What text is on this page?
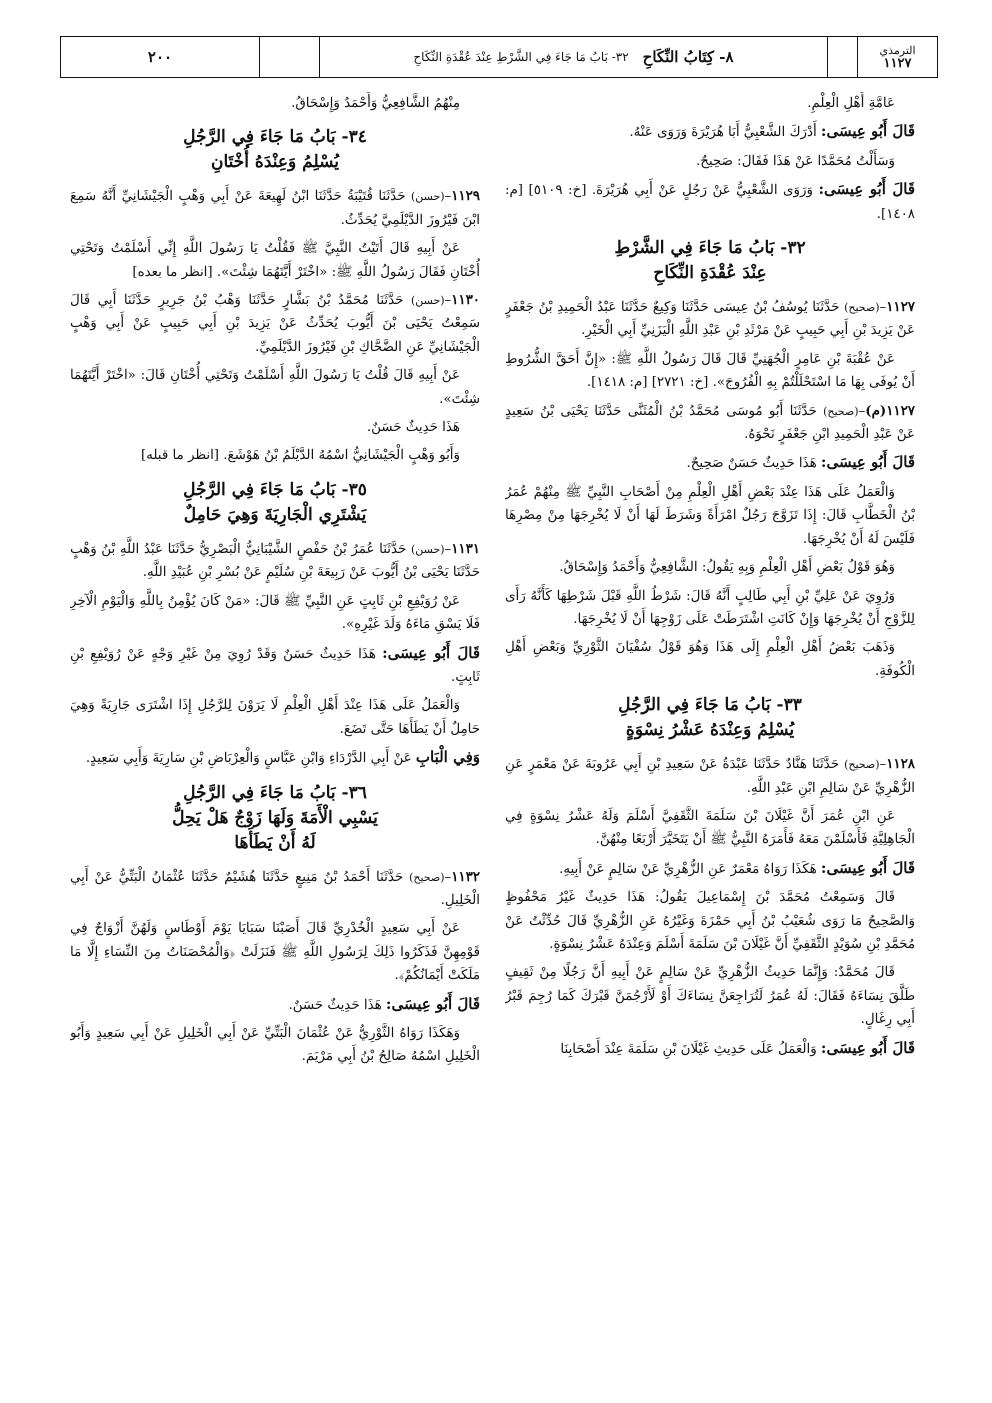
الترمذي
١١٢٧
٨- كِتَابُ النِّكَاحِ
٣٢- بَابُ مَا جَاءَ فِي الشَّرْطِ عِنْدَ عُقْدَةِ النِّكَاحِ
٢٠٠

عَامَّةِ أَهْلِ الْعِلْمِ.

قَالَ أَبُو عِيسَى: أَدْرَكَ الشَّعْبِيُّ أَبَا هُرَيْرَةَ وَرَوَى عَنْهُ.

وَسَأَلْتُ مُحَمَّدًا عَنْ هَذَا فَقَالَ: صَحِيحٌ.

قَالَ أَبُو عِيسَى: وَرَوَى الشَّعْبِيُّ عَنْ رَجُلٍ عَنْ أَبِي هُرَيْرَةَ. [خ: ٥١٠٩] [م: ١٤٠٨].

٣٢- بَابُ مَا جَاءَ فِي الشَّرْطِ
عِنْدَ عُقْدَةِ النِّكَاحِ

١١٢٧–(صحيح) حَدَّثَنَا يُوسُفُ بْنُ عِيسَى حَدَّثَنَا وَكِيعٌ حَدَّثَنَا عَبْدُ الْحَمِيدِ بْنُ جَعْفَرٍ عَنْ يَزِيدَ بْنِ أَبِي حَبِيبٍ عَنْ مَرْثَدِ بْنِ عَبْدِ اللَّهِ الْيَزَنِيِّ أَبِي الْخَيْرِ.

عَنْ عُقْبَةَ بْنِ عَامِرٍ الْجُهَنِيِّ قَالَ قَالَ رَسُولُ اللَّهِ ﷺ: «إِنَّ أَحَقَّ الشُّرُوطِ أَنْ يُوفَى بِهَا مَا اسْتَحْلَلْتُمْ بِهِ الْفُرُوجَ». [خ: ٢٧٢١] [م: ١٤١٨].

١١٢٧(م)–(صحيح) حَدَّثَنَا أَبُو مُوسَى مُحَمَّدُ بْنُ الْمُثَنَّى حَدَّثَنَا يَحْيَى بْنُ سَعِيدٍ عَنْ عَبْدِ الْحَمِيدِ ابْنِ جَعْفَرٍ نَحْوَهُ.

قَالَ أَبُو عِيسَى: هَذَا حَدِيثٌ حَسَنٌ صَحِيحٌ.

وَالْعَمَلُ عَلَى هَذَا عِنْدَ بَعْضِ أَهْلِ الْعِلْمِ مِنْ أَصْحَابِ النَّبِيِّ ﷺ مِنْهُمْ عُمَرُ بْنُ الْخَطَّابِ قَالَ: إِذَا تَزَوَّجَ رَجُلٌ امْرَأَةً وَشَرَطَ لَهَا أَنْ لَا يُخْرِجَهَا مِنْ مِصْرِهَا فَلَيْسَ لَهُ أَنْ يُخْرِجَهَا.

وَهُوَ قَوْلُ بَعْضِ أَهْلِ الْعِلْمِ وَبِهِ يَقُولُ: الشَّافِعِيُّ وَأَحْمَدُ وَإِسْحَاقُ.

وَرُوِيَ عَنْ عَلِيِّ بْنِ أَبِي طَالِبٍ أَنَّهُ قَالَ: شَرْطُ اللَّهِ قَبْلَ شَرْطِهَا كَأَنَّهُ رَأَى لِلزَّوْجِ أَنْ يُخْرِجَهَا وَإِنْ كَانَتِ اشْتَرَطَتْ عَلَى زَوْجِهَا أَنْ لَا يُخْرِجَهَا.

وَذَهَبَ بَعْضُ أَهْلِ الْعِلْمِ إِلَى هَذَا وَهُوَ قَوْلُ سُفْيَانَ الثَّوْرِيِّ وَبَعْضِ أَهْلِ الْكُوفَةِ.

٣٣- بَابُ مَا جَاءَ فِي الرَّجُلِ
يُسْلِمُ وَعِنْدَهُ عَشْرُ نِسْوَةٍ

١١٢٨–(صحيح) حَدَّثَنَا هَنَّادٌ حَدَّثَنَا عَبْدَةُ عَنْ سَعِيدِ بْنِ أَبِي عَرُوبَةَ عَنْ مَعْمَرٍ عَنِ الزُّهْرِيِّ عَنْ سَالِمِ ابْنِ عَبْدِ اللَّهِ.

عَنِ ابْنِ عُمَرَ أَنَّ غَيْلَانَ بْنَ سَلَمَةَ الثَّقَفِيَّ أَسْلَمَ وَلَهُ عَشْرُ نِسْوَةٍ فِي الْجَاهِلِيَّةِ فَأَسْلَمْنَ مَعَهُ فَأَمَرَهُ النَّبِيُّ ﷺ أَنْ يَتَخَيَّرَ أَرْبَعًا مِنْهُنَّ.

قَالَ أَبُو عِيسَى: هَكَذَا رَوَاهُ مَعْمَرٌ عَنِ الزُّهْرِيِّ عَنْ سَالِمٍ عَنْ أَبِيهِ.

قَالَ وَسَمِعْتُ مُحَمَّدَ بْنَ إِسْمَاعِيلَ يَقُولُ: هَذَا حَدِيثٌ غَيْرُ مَحْفُوظٍ وَالصَّحِيحُ مَا رَوَى شُعَيْبُ بْنُ أَبِي حَمْزَةَ وَغَيْرُهُ عَنِ الزُّهْرِيِّ قَالَ حُدِّثْتُ عَنْ مُحَمَّدِ بْنِ سُوَيْدٍ الثَّقَفِيِّ أَنَّ غَيْلَانَ بْنَ سَلَمَةَ أَسْلَمَ وَعِنْدَهُ عَشْرُ نِسْوَةٍ.

قَالَ مُحَمَّدٌ: وَإِنَّمَا حَدِيثُ الزُّهْرِيِّ عَنْ سَالِمٍ عَنْ أَبِيهِ أَنَّ رَجُلًا مِنْ ثَقِيفٍ طَلَّقَ نِسَاءَهُ فَقَالَ: لَهُ عُمَرُ لَتُرَاجِعَنَّ نِسَاءَكَ أَوْ لَأَرْجُمَنَّ قَبْرَكَ كَمَا رُجِمَ قَبْرُ أَبِي رِغَالٍ.

قَالَ أَبُو عِيسَى: وَالْعَمَلُ عَلَى حَدِيثِ غَيْلَانَ بْنِ سَلَمَةَ عِنْدَ أَصْحَابِنَا

مِنْهُمُ الشَّافِعِيُّ وَأَحْمَدُ وَإِسْحَاقُ.

٣٤- بَابُ مَا جَاءَ فِي الرَّجُلِ
يُسْلِمُ وَعِنْدَهُ أُخْتَانِ

١١٢٩–(حسن) حَدَّثَنَا قُتَيْبَةُ حَدَّثَنَا ابْنُ لَهِيعَةَ عَنْ أَبِي وَهْبٍ الْجَيْشَانِيِّ أَنَّهُ سَمِعَ ابْنَ فَيْرُوزَ الدَّيْلَمِيَّ يُحَدِّثُ.

عَنْ أَبِيهِ قَالَ أَتَيْتُ النَّبِيَّ ﷺ فَقُلْتُ يَا رَسُولَ اللَّهِ إِنِّي أَسْلَمْتُ وَتَحْتِي أُخْتَانِ فَقَالَ رَسُولُ اللَّهِ ﷺ: «اخْتَرْ أَيَّتَهُمَا شِئْتَ». [انظر ما بعده]

١١٣٠–(حسن) حَدَّثَنَا مُحَمَّدُ بْنُ بَشَّارٍ حَدَّثَنَا وَهْبُ بْنُ جَرِيرٍ حَدَّثَنَا أَبِي قَالَ سَمِعْتُ يَحْيَى بْنَ أَيُّوبَ يُحَدِّثُ عَنْ يَزِيدَ بْنِ أَبِي حَبِيبٍ عَنْ أَبِي وَهْبٍ الْجَيْشَانِيِّ عَنِ الضَّحَّاكِ بْنِ فَيْرُوزَ الدَّيْلَمِيِّ.

عَنْ أَبِيهِ قَالَ قُلْتُ يَا رَسُولَ اللَّهِ أَسْلَمْتُ وَتَحْتِي أُخْتَانِ قَالَ: «اخْتَرْ أَيَّتَهُمَا شِئْتَ».

هَذَا حَدِيثٌ حَسَنٌ.

وَأَبُو وَهْبٍ الْجَيْشَانِيُّ اسْمُهُ الدَّيْلَمُ بْنُ هَوْشَعَ. [انظر ما قبله]

٣٥- بَابُ مَا جَاءَ فِي الرَّجُلِ
يَشْتَرِي الْجَارِيَةَ وَهِيَ حَامِلٌ

١١٣١–(حسن) حَدَّثَنَا عُمَرُ بْنُ حَفْصٍ الشَّيْبَانِيُّ الْبَصْرِيُّ حَدَّثَنَا عَبْدُ اللَّهِ بْنُ وَهْبٍ حَدَّثَنَا يَحْيَى بْنُ أَيُّوبَ عَنْ رَبِيعَةَ بْنِ سُلَيْمٍ عَنْ بُسْرِ بْنِ عُبَيْدِ اللَّهِ.

عَنْ رُوَيْفِعِ بْنِ ثَابِتٍ عَنِ النَّبِيِّ ﷺ قَالَ: «مَنْ كَانَ يُؤْمِنُ بِاللَّهِ وَالْيَوْمِ الْآخِرِ فَلَا يَسْقِ مَاءَهُ وَلَدَ غَيْرِهِ».

قَالَ أَبُو عِيسَى: هَذَا حَدِيثٌ حَسَنٌ وَقَدْ رُوِيَ مِنْ غَيْرِ وَجْهٍ عَنْ رُوَيْفِعِ بْنِ ثَابِتٍ.

وَالْعَمَلُ عَلَى هَذَا عِنْدَ أَهْلِ الْعِلْمِ لَا يَرَوْنَ لِلرَّجُلِ إِذَا اشْتَرَى جَارِيَةً وَهِيَ حَامِلٌ أَنْ يَطَأَهَا حَتَّى تَضَعَ.

وَفِي الْبَابِ عَنْ أَبِي الدَّرْدَاءِ وَابْنِ عَبَّاسٍ وَالْعِرْبَاضِ بْنِ سَارِيَةَ وَأَبِي سَعِيدٍ.

٣٦- بَابُ مَا جَاءَ فِي الرَّجُلِ
يَسْبِي الْأَمَةَ وَلَهَا زَوْجٌ هَلْ يَحِلُّ
لَهُ أَنْ يَطَأَهَا

١١٣٢–(صحيح) حَدَّثَنَا أَحْمَدُ بْنُ مَنِيعٍ حَدَّثَنَا هُشَيْمٌ حَدَّثَنَا عُثْمَانُ الْبَتِّيُّ عَنْ أَبِي الْخَلِيلِ.

عَنْ أَبِي سَعِيدٍ الْخُدْرِيِّ قَالَ أَصَبْنَا سَبَايَا يَوْمَ أَوْطَاسٍ وَلَهُنَّ أَزْوَاجٌ فِي قَوْمِهِنَّ فَذَكَرُوا ذَلِكَ لِرَسُولِ اللَّهِ ﷺ فَنَزَلَتْ ﴿وَالْمُحْصَنَاتُ مِنَ النِّسَاءِ إِلَّا مَا مَلَكَتْ أَيْمَانُكُمْ﴾.

قَالَ أَبُو عِيسَى: هَذَا حَدِيثٌ حَسَنٌ.

وَهَكَذَا رَوَاهُ الثَّوْرِيُّ عَنْ عُثْمَانَ الْبَتِّيِّ عَنْ أَبِي الْخَلِيلِ عَنْ أَبِي سَعِيدٍ وَأَبُو الْخَلِيلِ اسْمُهُ صَالِحُ بْنُ أَبِي مَرْيَمَ.
